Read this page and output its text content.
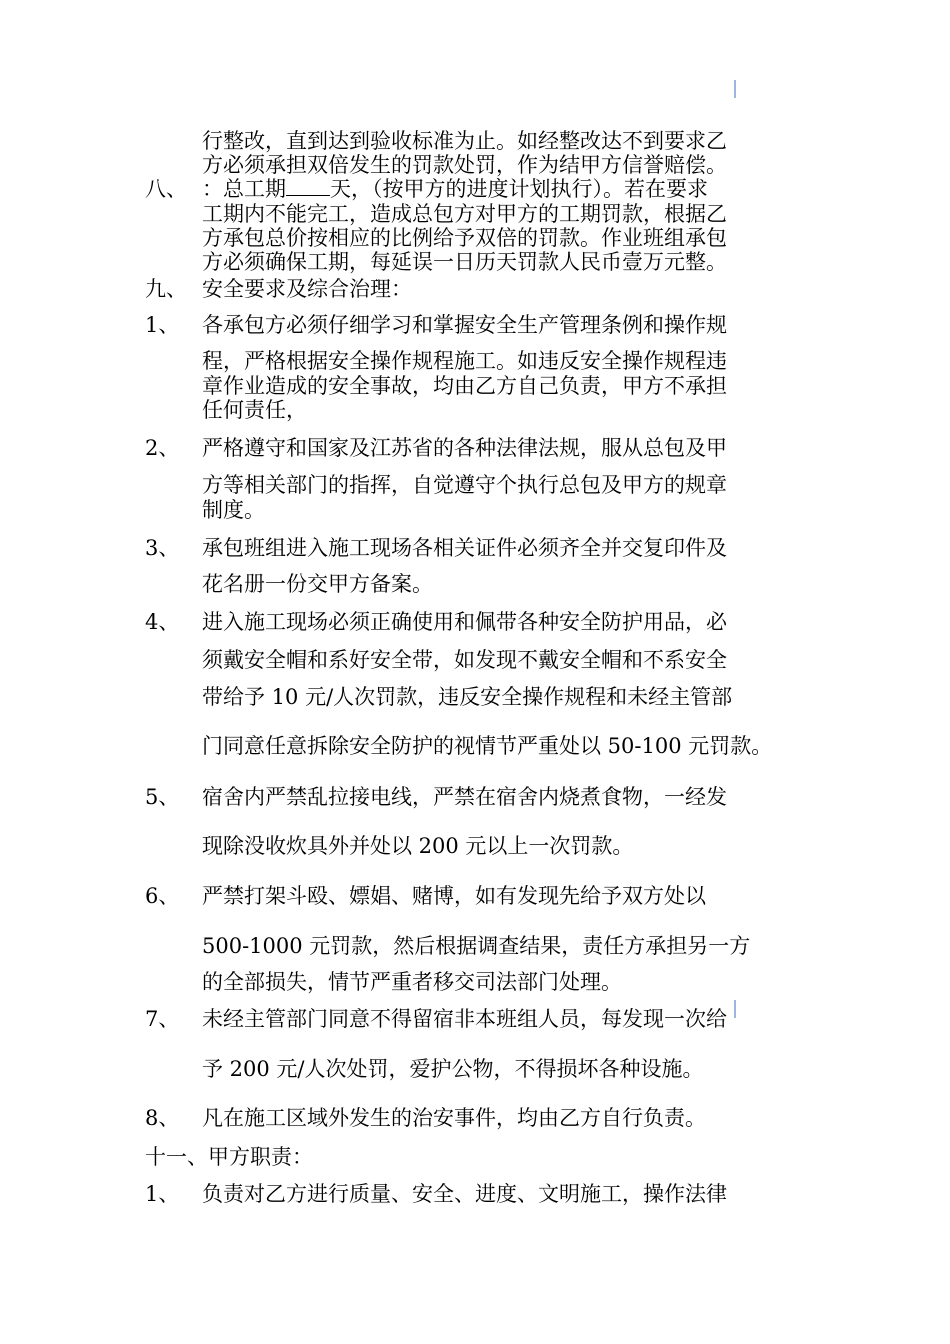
行整改，直到达到验收标准为止。如经整改达不到要求乙
方必须承担双倍发生的罚款处罚，作为结甲方信誉赔偿。
八、 ：总工期 天，（按甲方的进度计划执行）。若在要求
工期内不能完工，造成总包方对甲方的工期罚款，根据乙
方承包总价按相应的比例给予双倍的罚款。作业班组承包
方必须确保工期，每延误一日历天罚款人民币壹万元整。
九、 安全要求及综合治理：
1、 各承包方必须仔细学习和掌握安全生产管理条例和操作规
程，严格根据安全操作规程施工。如违反安全操作规程违
章作业造成的安全事故，均由乙方自己负责，甲方不承担
任何责任，
2、 严格遵守和国家及江苏省的各种法律法规，服从总包及甲
方等相关部门的指挥，自觉遵守个执行总包及甲方的规章
制度。
3、 承包班组进入施工现场各相关证件必须齐全并交复印件及
花名册一份交甲方备案。
4、 进入施工现场必须正确使用和佩带各种安全防护用品，必
须戴安全帽和系好安全带，如发现不戴安全帽和不系安全
带给予 10 元/人次罚款，违反安全操作规程和未经主管部
门同意任意拆除安全防护的视情节严重处以 50-100 元罚款。
5、 宿舍内严禁乱拉接电线，严禁在宿舍内烧煮食物，一经发
现除没收炊具外并处以 200 元以上一次罚款。
6、 严禁打架斗殴、嫖娼、赌博，如有发现先给予双方处以
500-1000 元罚款，然后根据调查结果，责任方承担另一方
的全部损失，情节严重者移交司法部门处理。
7、 未经主管部门同意不得留宿非本班组人员，每发现一次给
予 200 元/人次处罚，爱护公物，不得损坏各种设施。
8、 凡在施工区域外发生的治安事件，均由乙方自行负责。
十一、 甲方职责：
1、 负责对乙方进行质量、安全、进度、文明施工，操作法律
